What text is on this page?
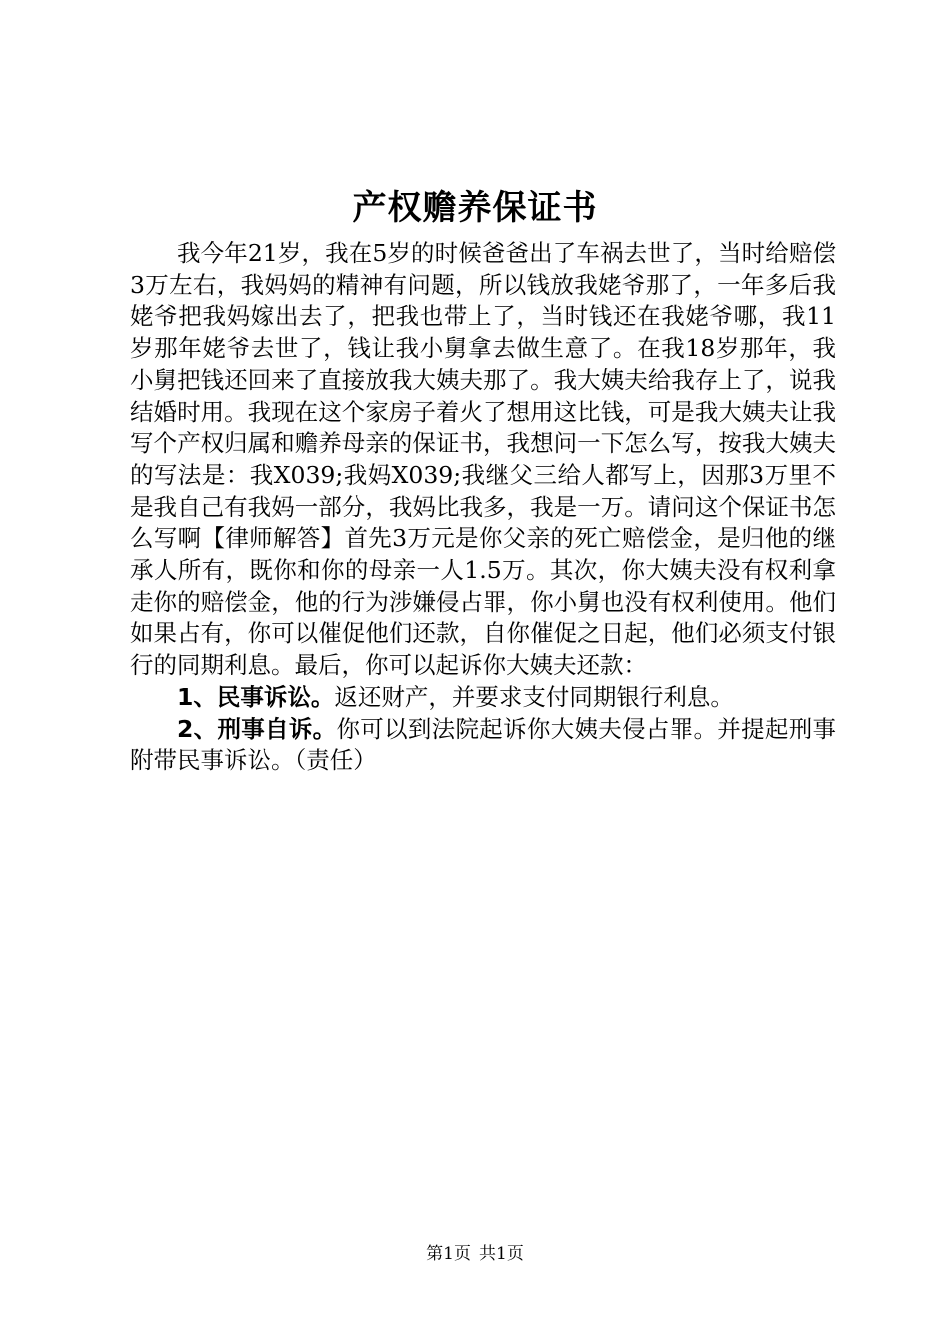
产权赡养保证书

我今年21岁，我在5岁的时候爸爸出了车祸去世了，当时给赔偿3万左右，我妈妈的精神有问题，所以钱放我姥爷那了，一年多后我姥爷把我妈嫁出去了，把我也带上了，当时钱还在我姥爷哪，我11岁那年姥爷去世了，钱让我小舅拿去做生意了。在我18岁那年，我小舅把钱还回来了直接放我大姨夫那了。我大姨夫给我存上了，说我结婚时用。我现在这个家房子着火了想用这比钱，可是我大姨夫让我写个产权归属和赡养母亲的保证书，我想问一下怎么写，按我大姨夫的写法是：我X039;我妈X039;我继父三给人都写上，因那3万里不是我自己有我妈一部分，我妈比我多，我是一万。请问这个保证书怎么写啊【律师解答】首先3万元是你父亲的死亡赔偿金，是归他的继承人所有，既你和你的母亲一人1.5万。其次，你大姨夫没有权利拿走你的赔偿金，他的行为涉嫌侵占罪，你小舅也没有权利使用。他们如果占有，你可以催促他们还款，自你催促之日起，他们必须支付银行的同期利息。最后，你可以起诉你大姨夫还款：

1、民事诉讼。返还财产，并要求支付同期银行利息。

2、刑事自诉。你可以到法院起诉你大姨夫侵占罪。并提起刑事附带民事诉讼。（责任）

第1页 共1页
